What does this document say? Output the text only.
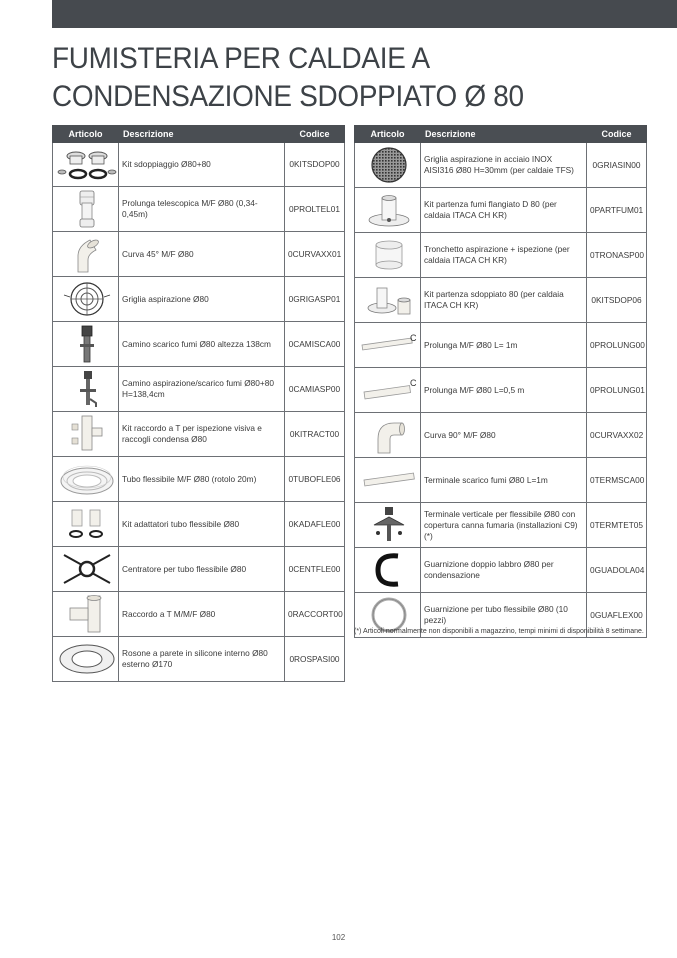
FUMISTERIA PER CALDAIE A
CONDENSAZIONE SDOPPIATO Ø 80
Articolo	Descrizione	Codice

	Kit sdoppiaggio Ø80+80	0KITSDOP00

	Prolunga telescopica M/F Ø80 (0,34-0,45m)	0PROLTEL01

	Curva 45° M/F Ø80	0CURVAXX01

	Griglia aspirazione Ø80	0GRIGASP01

	Camino scarico fumi Ø80 altezza 138cm	0CAMISCA00

	Camino aspirazione/scarico fumi Ø80+80 H=138,4cm	0CAMIASP00

	Kit raccordo a T per ispezione visiva e raccogli condensa Ø80	0KITRACT00

	Tubo flessibile M/F Ø80 (rotolo 20m)	0TUBOFLE06

	Kit adattatori tubo flessibile Ø80	0KADAFLE00

	Centratore per tubo flessibile Ø80	0CENTFLE00

	Raccordo a T M/M/F Ø80	0RACCORT00

	Rosone a parete in silicone interno Ø80 esterno Ø170	0ROSPASI00
Articolo	Descrizione	Codice

	Griglia aspirazione in acciaio INOX AISI316 Ø80 H=30mm (per caldaie TFS)	0GRIASIN00

	Kit partenza fumi flangiato D 80 (per caldaia ITACA CH KR)	0PARTFUM01

	Tronchetto aspirazione + ispezione (per caldaia ITACA CH KR)	0TRONASP00

	Kit partenza sdoppiato 80 (per caldaia ITACA CH KR)	0KITSDOP06

C	Prolunga M/F Ø80 L= 1m	0PROLUNG00

C	Prolunga M/F Ø80 L=0,5 m	0PROLUNG01

	Curva 90° M/F Ø80	0CURVAXX02

	Terminale scarico fumi Ø80 L=1m	0TERMSCA00

	Terminale verticale per flessibile Ø80 con copertura canna fumaria (installazioni C9) (*)	0TERMTET05

	Guarnizione doppio labbro Ø80 per condensazione	0GUADOLA04

	Guarnizione per tubo flessibile Ø80 (10 pezzi)	0GUAFLEX00
(*) Articoli normalmente non disponibili a magazzino, tempi minimi di disponibilità 8 settimane.
102
